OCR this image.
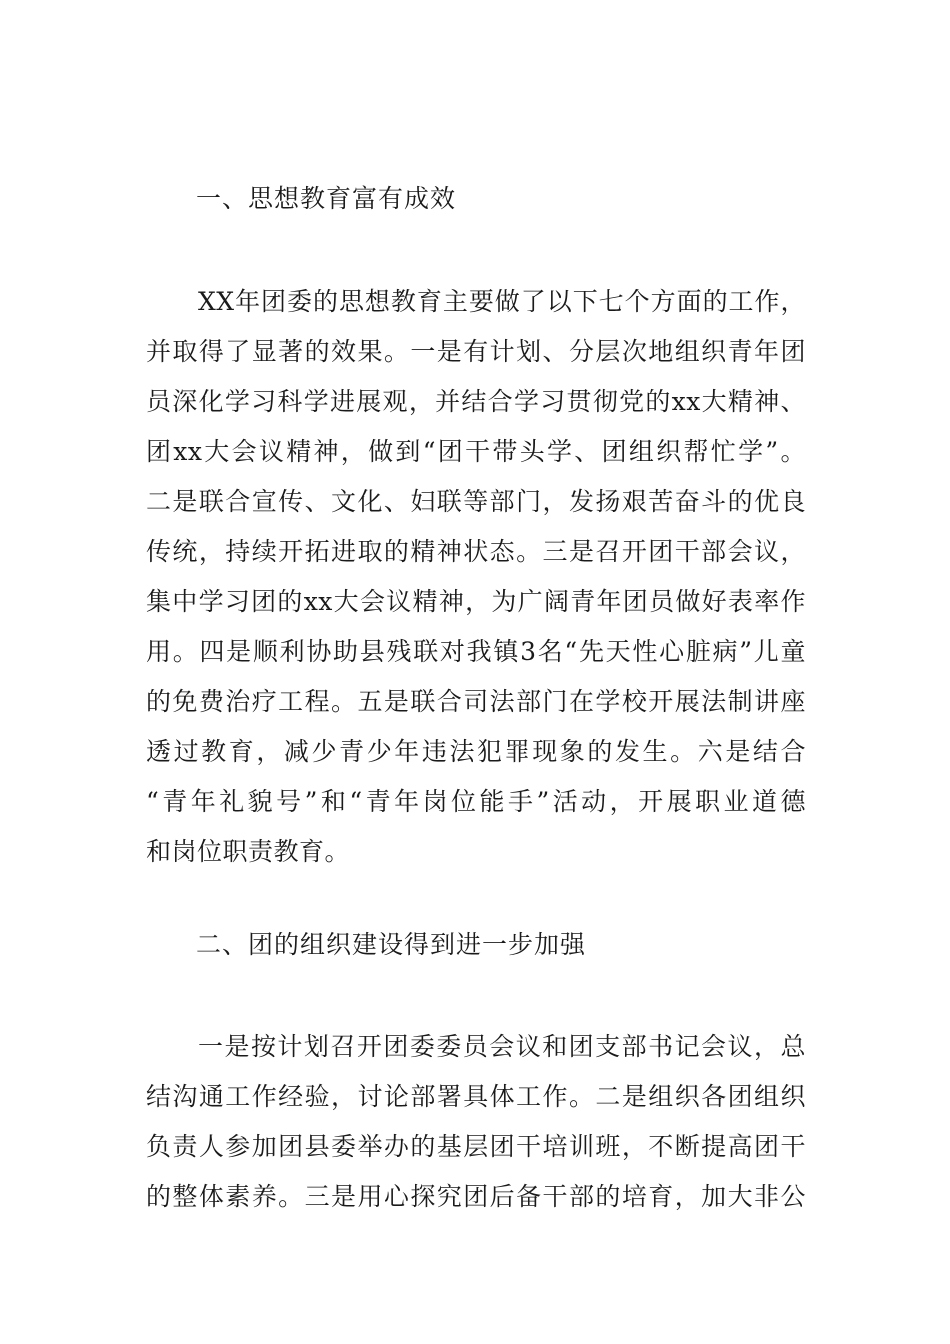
一、思想教育富有成效
XX年团委的思想教育主要做了以下七个方面的工作，
并取得了显著的效果。一是有计划、分层次地组织青年团
员深化学习科学进展观，并结合学习贯彻党的xx大精神、
团xx大会议精神，做到“团干带头学、团组织帮忙学”。
二是联合宣传、文化、妇联等部门，发扬艰苦奋斗的优良
传统，持续开拓进取的精神状态。三是召开团干部会议，
集中学习团的xx大会议精神，为广阔青年团员做好表率作
用。四是顺利协助县残联对我镇3名“先天性心脏病”儿童
的免费治疗工程。五是联合司法部门在学校开展法制讲座
透过教育，减少青少年违法犯罪现象的发生。六是结合
“青年礼貌号”和“青年岗位能手”活动，开展职业道德
和岗位职责教育。
二、团的组织建设得到进一步加强
一是按计划召开团委委员会议和团支部书记会议，总
结沟通工作经验，讨论部署具体工作。二是组织各团组织
负责人参加团县委举办的基层团干培训班，不断提高团干
的整体素养。三是用心探究团后备干部的培育，加大非公
